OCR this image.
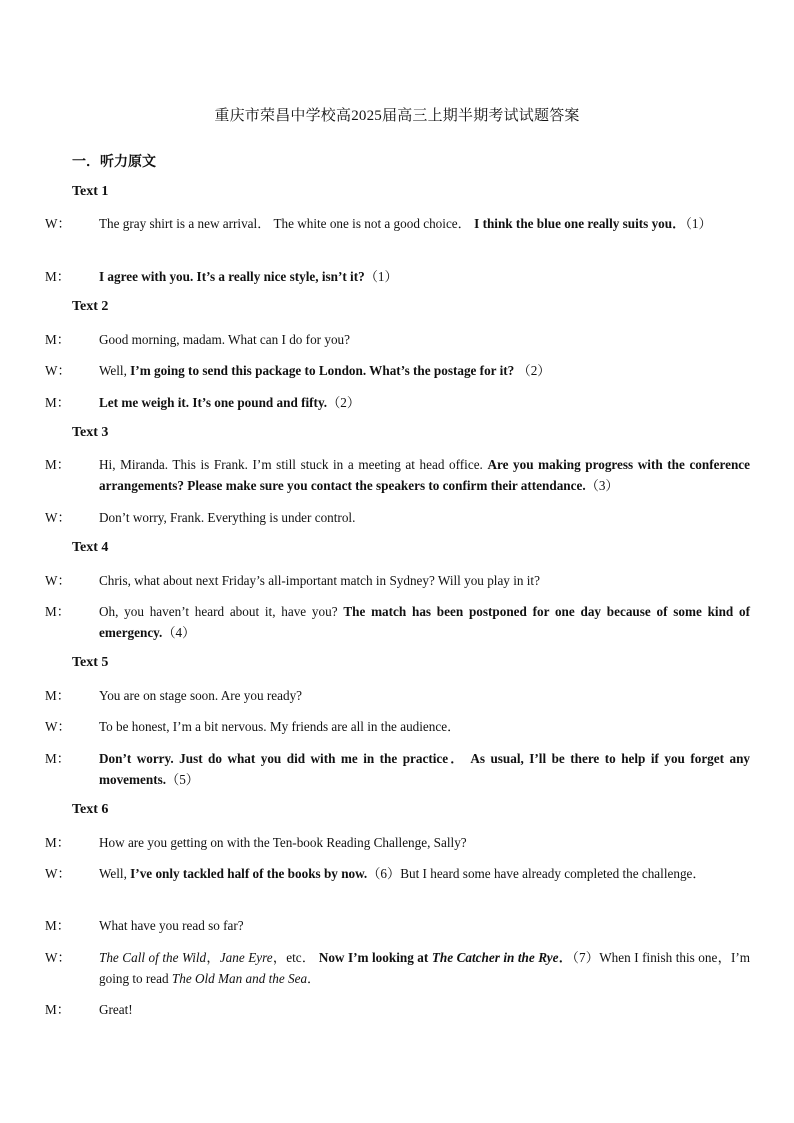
重庆市荣昌中学校高2025届高三上期半期考试试题答案
一．听力原文
Text 1
W： The gray shirt is a new arrival． The white one is not a good choice． I think the blue one really suits you．（1）
M： I agree with you. It’s a really nice style, isn’t it?（1）
Text 2
M： Good morning, madam. What can I do for you?
W： Well, I’m going to send this package to London. What’s the postage for it? （2）
M： Let me weigh it. It’s one pound and fifty.（2）
Text 3
M： Hi, Miranda. This is Frank. I’m still stuck in a meeting at head office. Are you making progress with the conference arrangements? Please make sure you contact the speakers to confirm their attendance.（3）
W： Don’t worry, Frank. Everything is under control.
Text 4
W： Chris, what about next Friday’s all-important match in Sydney? Will you play in it?
M： Oh, you haven’t heard about it, have you? The match has been postponed for one day because of some kind of emergency.（4）
Text 5
M： You are on stage soon. Are you ready?
W： To be honest, I’m a bit nervous. My friends are all in the audience．
M： Don’t worry. Just do what you did with me in the practice． As usual, I’ll be there to help if you forget any movements.（5）
Text 6
M： How are you getting on with the Ten-book Reading Challenge, Sally?
W： Well, I’ve only tackled half of the books by now.（6）But I heard some have already completed the challenge．
M： What have you read so far?
W： The Call of the Wild，Jane Eyre，etc． Now I’m looking at The Catcher in the Rye．（7）When I finish this one，I’m going to read The Old Man and the Sea．
M： Great!
